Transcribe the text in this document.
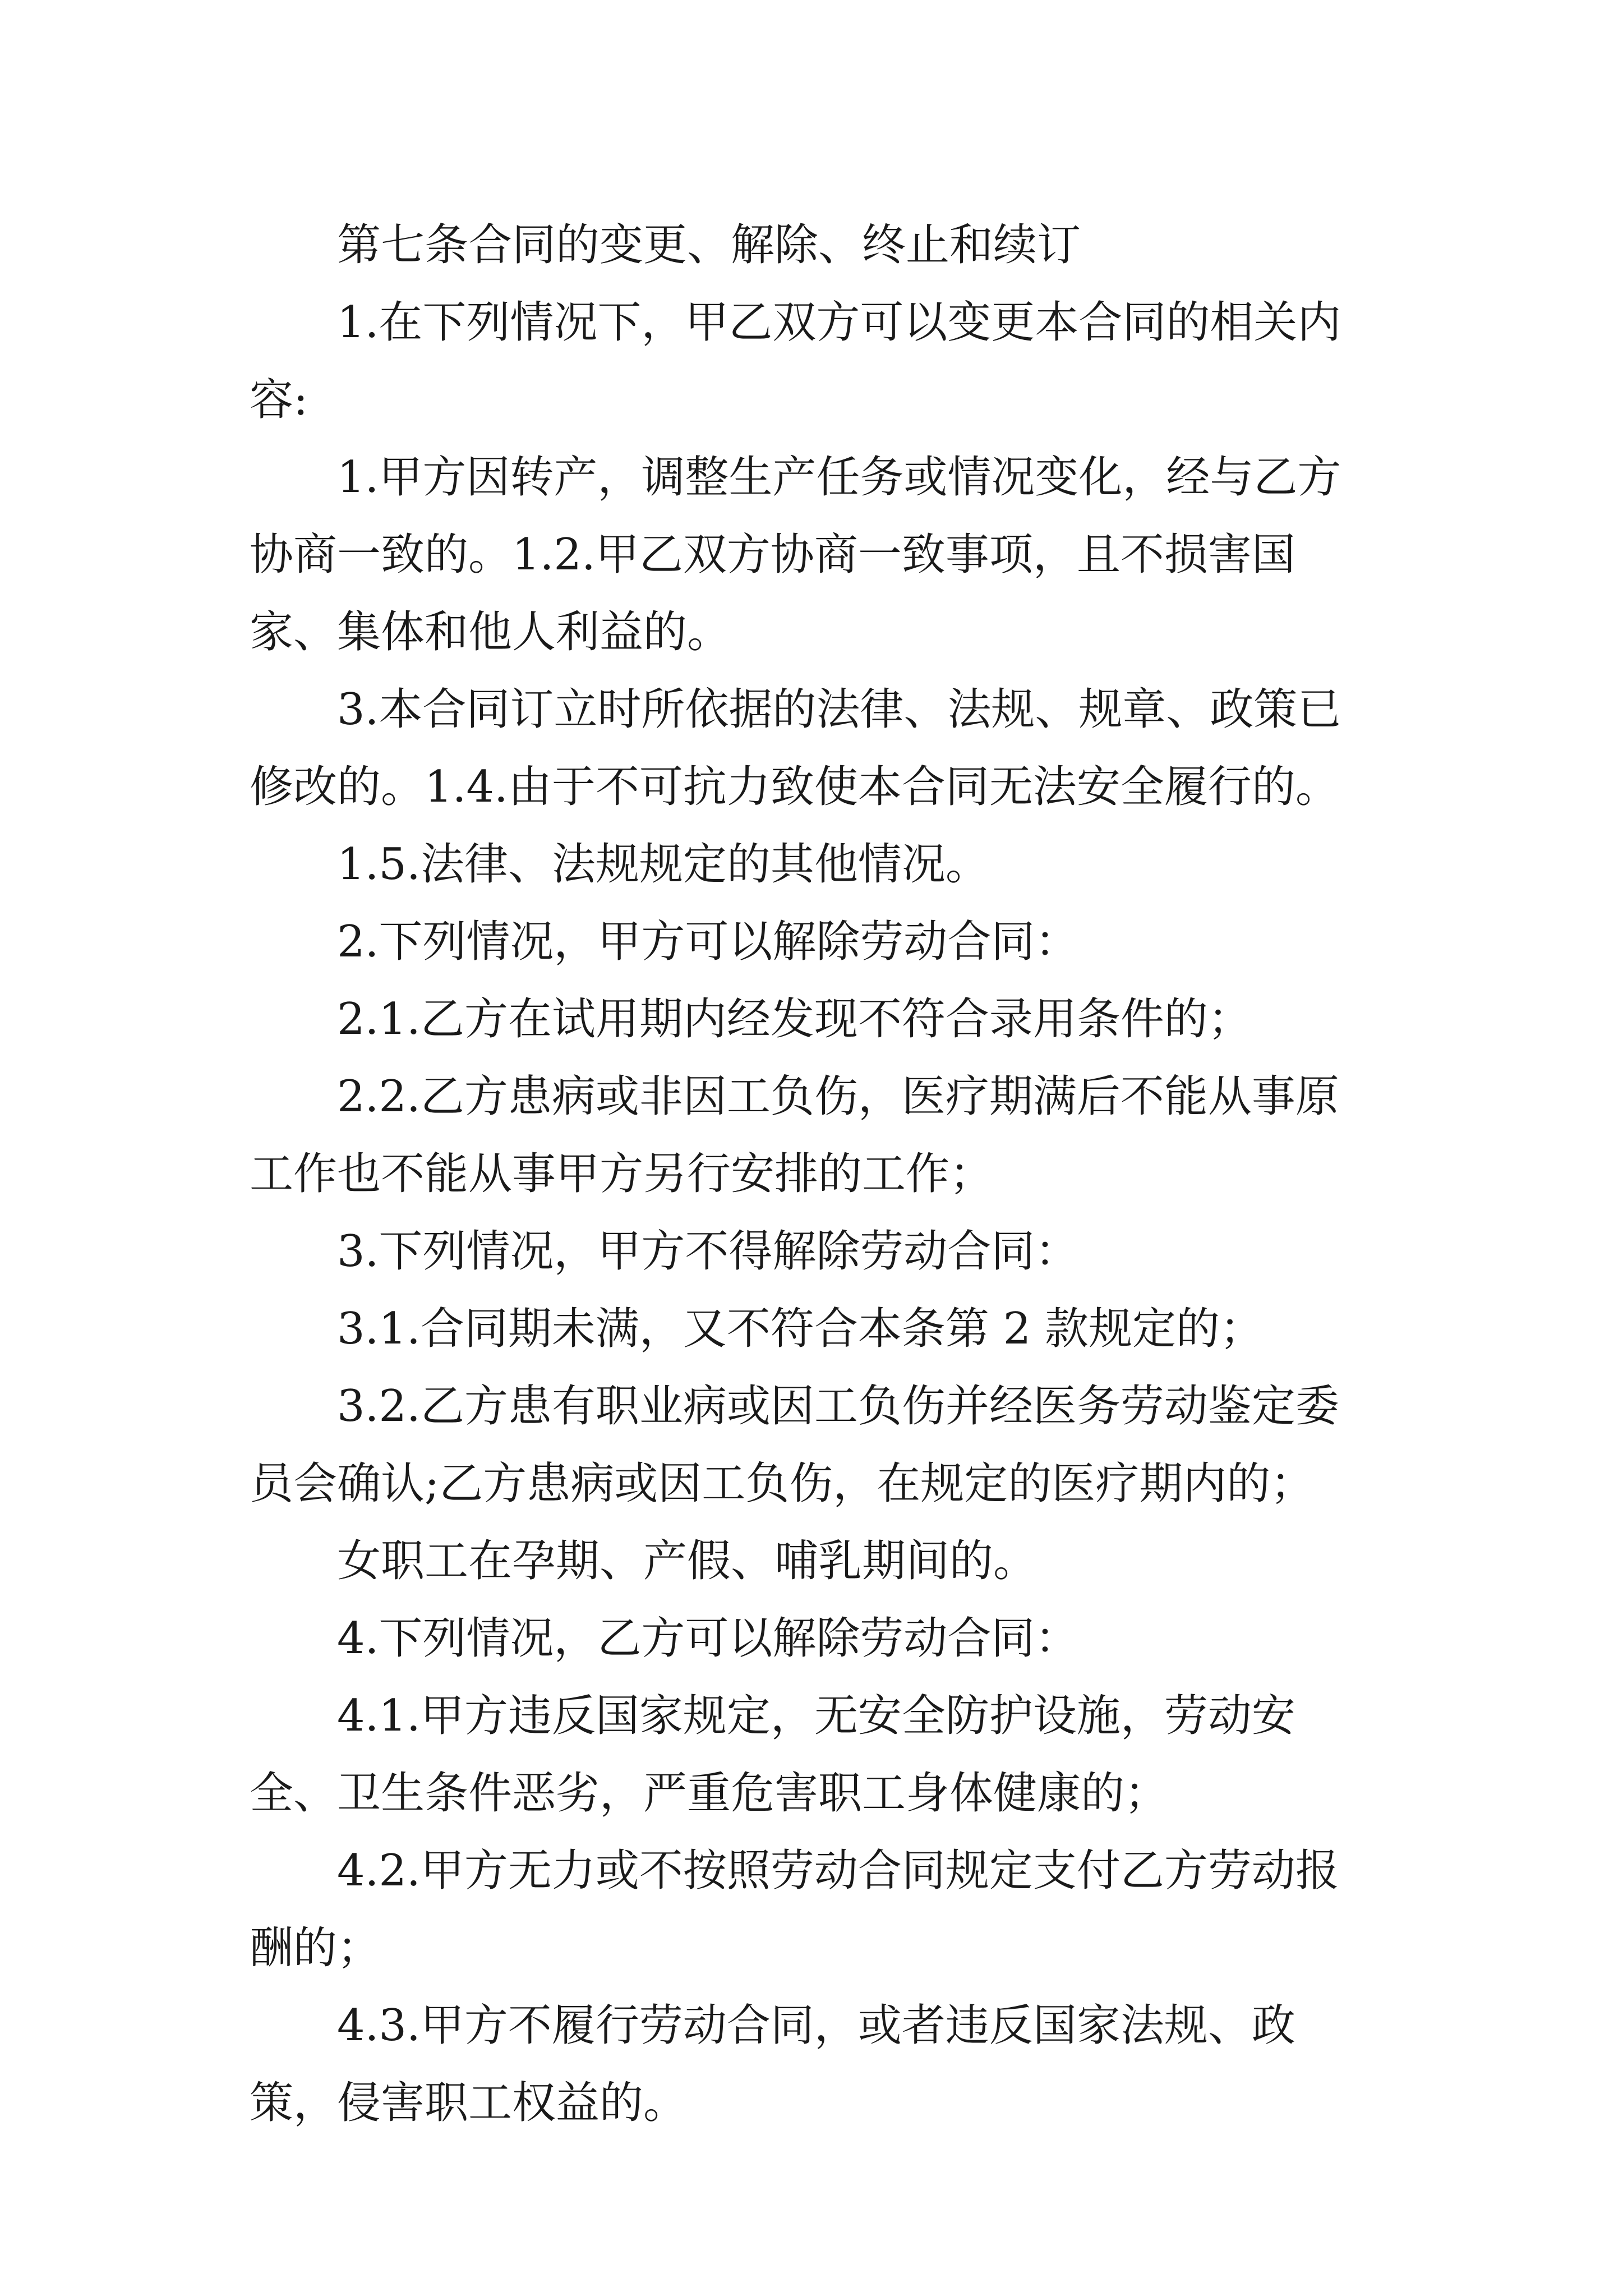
第七条合同的变更、解除、终止和续订

1.在下列情况下，甲乙双方可以变更本合同的相关内容:

1.甲方因转产，调整生产任务或情况变化，经与乙方协商一致的。1.2.甲乙双方协商一致事项，且不损害国家、集体和他人利益的。

3.本合同订立时所依据的法律、法规、规章、政策已修改的。1.4.由于不可抗力致使本合同无法安全履行的。

1.5.法律、法规规定的其他情况。

2.下列情况，甲方可以解除劳动合同：

2.1.乙方在试用期内经发现不符合录用条件的；

2.2.乙方患病或非因工负伤，医疗期满后不能从事原工作也不能从事甲方另行安排的工作；

3.下列情况，甲方不得解除劳动合同：

3.1.合同期未满，又不符合本条第 2 款规定的；

3.2.乙方患有职业病或因工负伤并经医务劳动鉴定委员会确认;乙方患病或因工负伤，在规定的医疗期内的；

女职工在孕期、产假、哺乳期间的。

4.下列情况，乙方可以解除劳动合同：

4.1.甲方违反国家规定，无安全防护设施，劳动安全、卫生条件恶劣，严重危害职工身体健康的；

4.2.甲方无力或不按照劳动合同规定支付乙方劳动报酬的；

4.3.甲方不履行劳动合同，或者违反国家法规、政策，侵害职工权益的。
